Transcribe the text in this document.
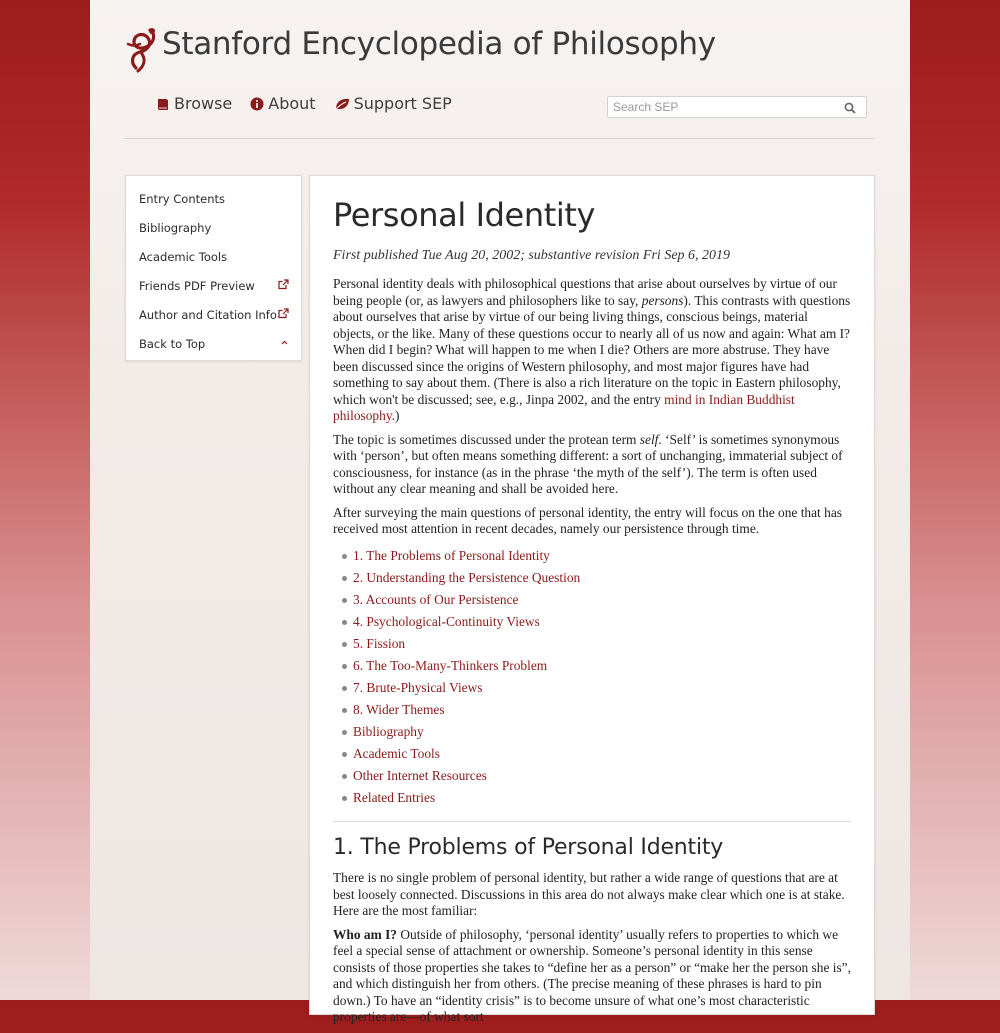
Stanford Encyclopedia of Philosophy
Browse About Support SEP
Search SEP
Entry Contents
Bibliography
Academic Tools
Friends PDF Preview
Author and Citation Info
Back to Top
Personal Identity
First published Tue Aug 20, 2002; substantive revision Fri Sep 6, 2019

Personal identity deals with philosophical questions that arise about ourselves by virtue of our being people (or, as lawyers and philosophers like to say, persons). This contrasts with questions about ourselves that arise by virtue of our being living things, conscious beings, material objects, or the like. Many of these questions occur to nearly all of us now and again: What am I? When did I begin? What will happen to me when I die? Others are more abstruse. They have been discussed since the origins of Western philosophy, and most major figures have had something to say about them. (There is also a rich literature on the topic in Eastern philosophy, which won't be discussed; see, e.g., Jinpa 2002, and the entry mind in Indian Buddhist philosophy.)

The topic is sometimes discussed under the protean term self. ‘Self’ is sometimes synonymous with ‘person’, but often means something different: a sort of unchanging, immaterial subject of consciousness, for instance (as in the phrase ‘the myth of the self’). The term is often used without any clear meaning and shall be avoided here.

After surveying the main questions of personal identity, the entry will focus on the one that has received most attention in recent decades, namely our persistence through time.

1. The Problems of Personal Identity
2. Understanding the Persistence Question
3. Accounts of Our Persistence
4. Psychological-Continuity Views
5. Fission
6. The Too-Many-Thinkers Problem
7. Brute-Physical Views
8. Wider Themes
Bibliography
Academic Tools
Other Internet Resources
Related Entries
1. The Problems of Personal Identity

There is no single problem of personal identity, but rather a wide range of questions that are at best loosely connected. Discussions in this area do not always make clear which one is at stake. Here are the most familiar:

Who am I? Outside of philosophy, ‘personal identity’ usually refers to properties to which we feel a special sense of attachment or ownership. Someone’s personal identity in this sense consists of those properties she takes to “define her as a person” or “make her the person she is”, and which distinguish her from others. (The precise meaning of these phrases is hard to pin down.) To have an “identity crisis” is to become unsure of what one’s most characteristic properties are—of what sort
